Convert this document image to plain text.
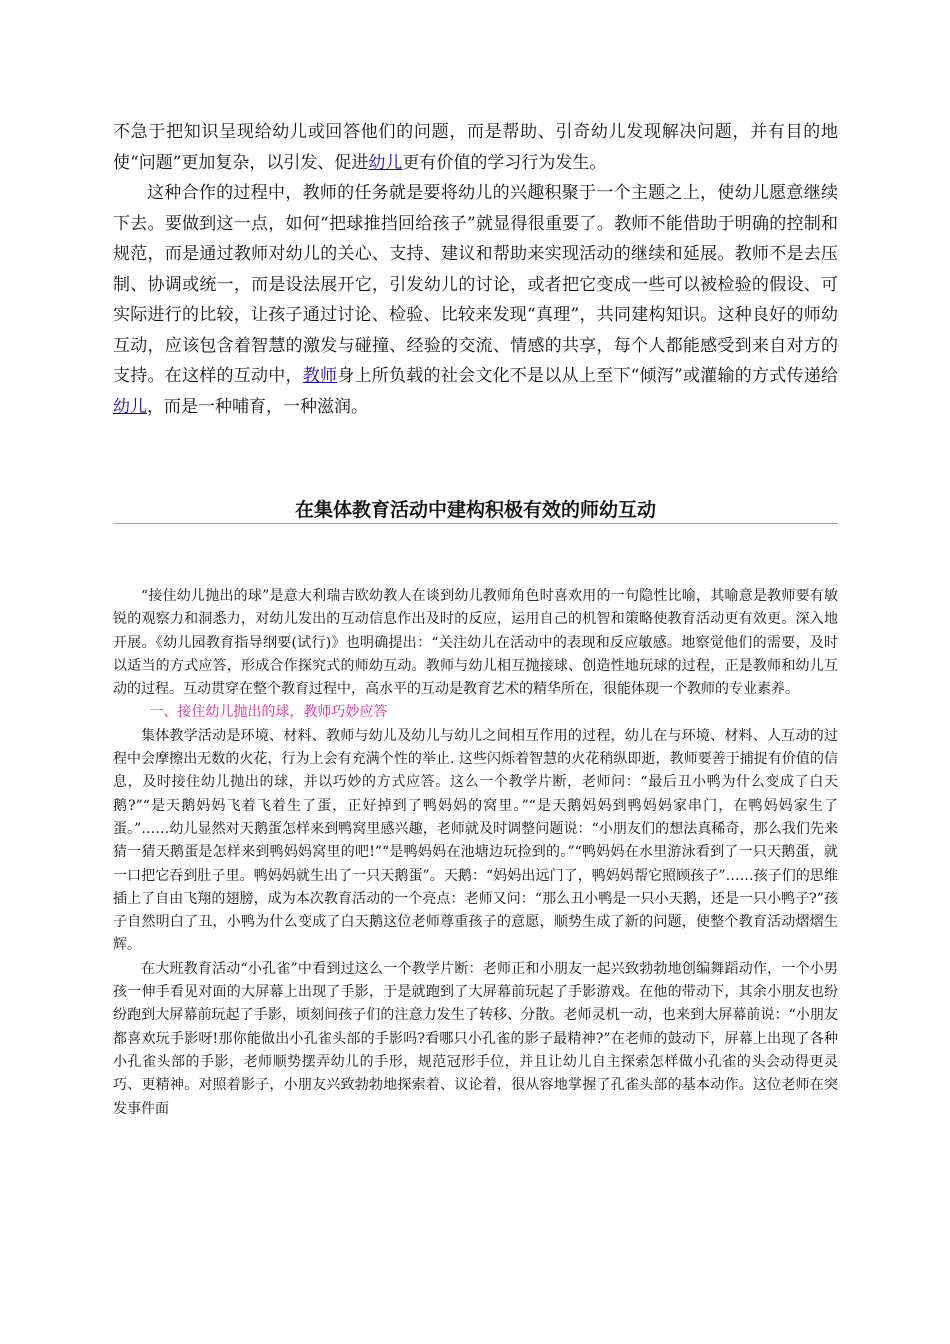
不急于把知识呈现给幼儿或回答他们的问题，而是帮助、引奇幼儿发现解决问题，并有目的地使“问题”更加复杂，以引发、促进幼儿更有价值的学习行为发生。

这种合作的过程中，教师的任务就是要将幼儿的兴趣积聚于一个主题之上，使幼儿愿意继续下去。要做到这一点，如何“把球推挡回给孩子”就显得很重要了。教师不能借助于明确的控制和规范，而是通过教师对幼儿的关心、支持、建议和帮助来实现活动的继续和延展。教师不是去压制、协调或统一，而是设法展开它，引发幼儿的讨论，或者把它变成一些可以被检验的假设、可实际进行的比较，让孩子通过讨论、检验、比较来发现“真理”，共同建构知识。这种良好的师幼互动，应该包含着智慧的激发与碰撞、经验的交流、情感的共享，每个人都能感受到来自对方的支持。在这样的互动中，教师身上所负载的社会文化不是以从上至下“倾泻”或灌输的方式传递给幼儿，而是一种哺育，一种滋润。

在集体教育活动中建构积极有效的师幼互动

“接住幼儿抛出的球”是意大利瑞吉欧幼教人在谈到幼儿教师角色时喜欢用的一句隐性比喻，其喻意是教师要有敏锐的观察力和洞悉力，对幼儿发出的互动信息作出及时的反应，运用自己的机智和策略使教育活动更有效更。深入地开展。《幼儿园教育指导纲要(试行)》也明确提出：“关注幼儿在活动中的表现和反应敏感。地察觉他们的需要，及时以适当的方式应答，形成合作探究式的师幼互动。教师与幼儿相互抛接球、创造性地玩球的过程，正是教师和幼儿互动的过程。互动贯穿在整个教育过程中，高水平的互动是教育艺术的精华所在，很能体现一个教师的专业素养。

一、接住幼儿抛出的球，教师巧妙应答

集体教学活动是环境、材料、教师与幼儿及幼儿与幼儿之间相互作用的过程，幼儿在与环境、材料、人互动的过程中会摩擦出无数的火花，行为上会有充满个性的举止. 这些闪烁着智慧的火花稍纵即逝，教师要善于捕捉有价值的信息，及时接住幼儿抛出的球，并以巧妙的方式应答。这么一个教学片断，老师问：“最后丑小鸭为什么变成了白天鹅?”“是天鹅妈妈飞着飞着生了蛋，正好掉到了鸭妈妈的窝里。”“是天鹅妈妈到鸭妈妈家串门，在鸭妈妈家生了蛋。”……幼儿显然对天鹅蛋怎样来到鸭窝里感兴趣，老师就及时调整问题说：“小朋友们的想法真稀奇，那么我们先来猜一猜天鹅蛋是怎样来到鸭妈妈窝里的吧!”“是鸭妈妈在池塘边玩捡到的。”“鸭妈妈在水里游泳看到了一只天鹅蛋，就一口把它吞到肚子里。鸭妈妈就生出了一只天鹅蛋”。天鹅：“妈妈出远门了，鸭妈妈帮它照顾孩子”……孩子们的思维插上了自由飞翔的翅膀，成为本次教育活动的一个亮点：老师又问：“那么丑小鸭是一只小天鹅，还是一只小鸭子?”孩子自然明白了丑，小鸭为什么变成了白天鹅这位老师尊重孩子的意愿，顺势生成了新的问题，使整个教育活动熠熠生辉。

在大班教育活动“小孔雀”中看到过这么一个教学片断：老师正和小朋友一起兴致勃勃地创编舞蹈动作，一个小男孩一伸手看见对面的大屏幕上出现了手影，于是就跑到了大屏幕前玩起了手影游戏。在他的带动下，其余小朋友也纷纷跑到大屏幕前玩起了手影，顷刻间孩子们的注意力发生了转移、分散。老师灵机一动，也来到大屏幕前说：“小朋友都喜欢玩手影呀!那你能做出小孔雀头部的手影吗?看哪只小孔雀的影子最精神?”在老师的鼓动下，屏幕上出现了各种小孔雀头部的手影，老师顺势摆弄幼儿的手形，规范冠形手位，并且让幼儿自主探索怎样做小孔雀的头会动得更灵巧、更精神。对照着影子，小朋友兴致勃勃地探索着、议论着，很从容地掌握了孔雀头部的基本动作。这位老师在突发事件面
